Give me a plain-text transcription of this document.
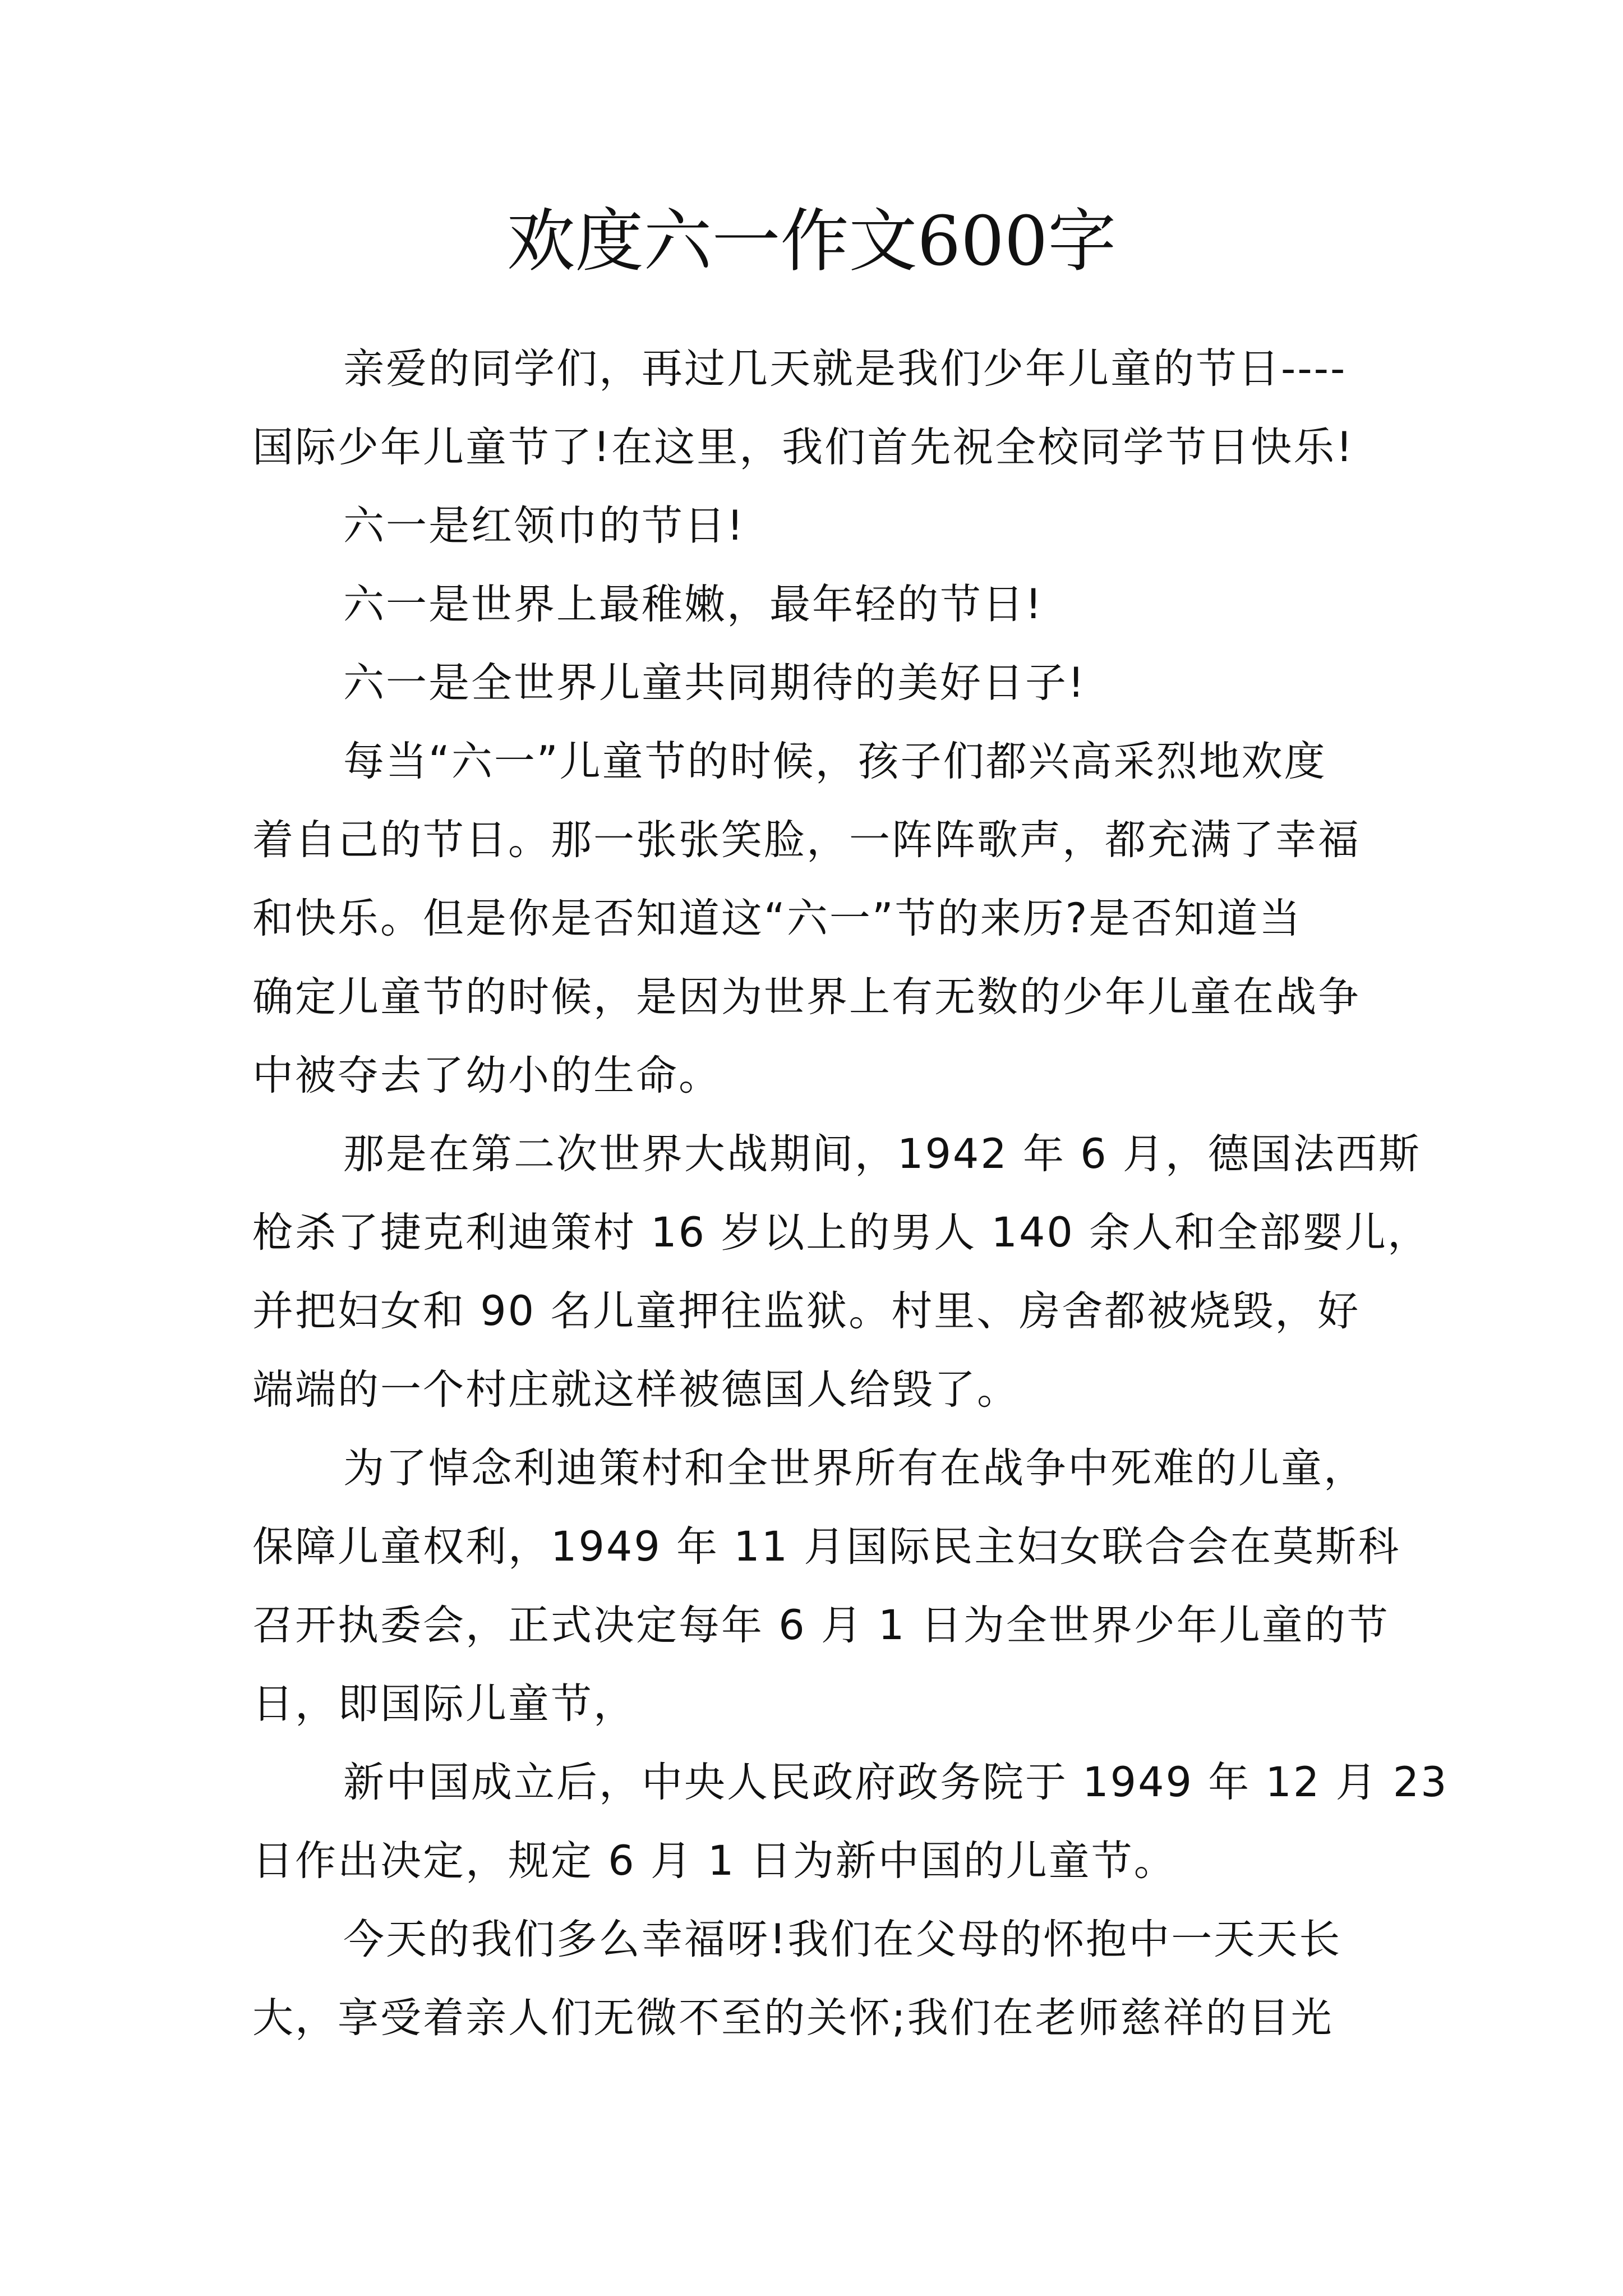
欢度六一作文600字
亲爱的同学们，再过几天就是我们少年儿童的节日----
国际少年儿童节了!在这里，我们首先祝全校同学节日快乐!
六一是红领巾的节日!
六一是世界上最稚嫩，最年轻的节日!
六一是全世界儿童共同期待的美好日子!
每当“六一”儿童节的时候，孩子们都兴高采烈地欢度
着自己的节日。那一张张笑脸，一阵阵歌声，都充满了幸福
和快乐。但是你是否知道这“六一”节的来历?是否知道当
确定儿童节的时候，是因为世界上有无数的少年儿童在战争
中被夺去了幼小的生命。
那是在第二次世界大战期间，1942 年 6 月，德国法西斯
枪杀了捷克利迪策村 16 岁以上的男人 140 余人和全部婴儿，
并把妇女和 90 名儿童押往监狱。村里、房舍都被烧毁，好
端端的一个村庄就这样被德国人给毁了。
为了悼念利迪策村和全世界所有在战争中死难的儿童，
保障儿童权利，1949 年 11 月国际民主妇女联合会在莫斯科
召开执委会，正式决定每年 6 月 1 日为全世界少年儿童的节
日，即国际儿童节，
新中国成立后，中央人民政府政务院于 1949 年 12 月 23
日作出决定，规定 6 月 1 日为新中国的儿童节。
今天的我们多么幸福呀!我们在父母的怀抱中一天天长
大，享受着亲人们无微不至的关怀;我们在老师慈祥的目光
